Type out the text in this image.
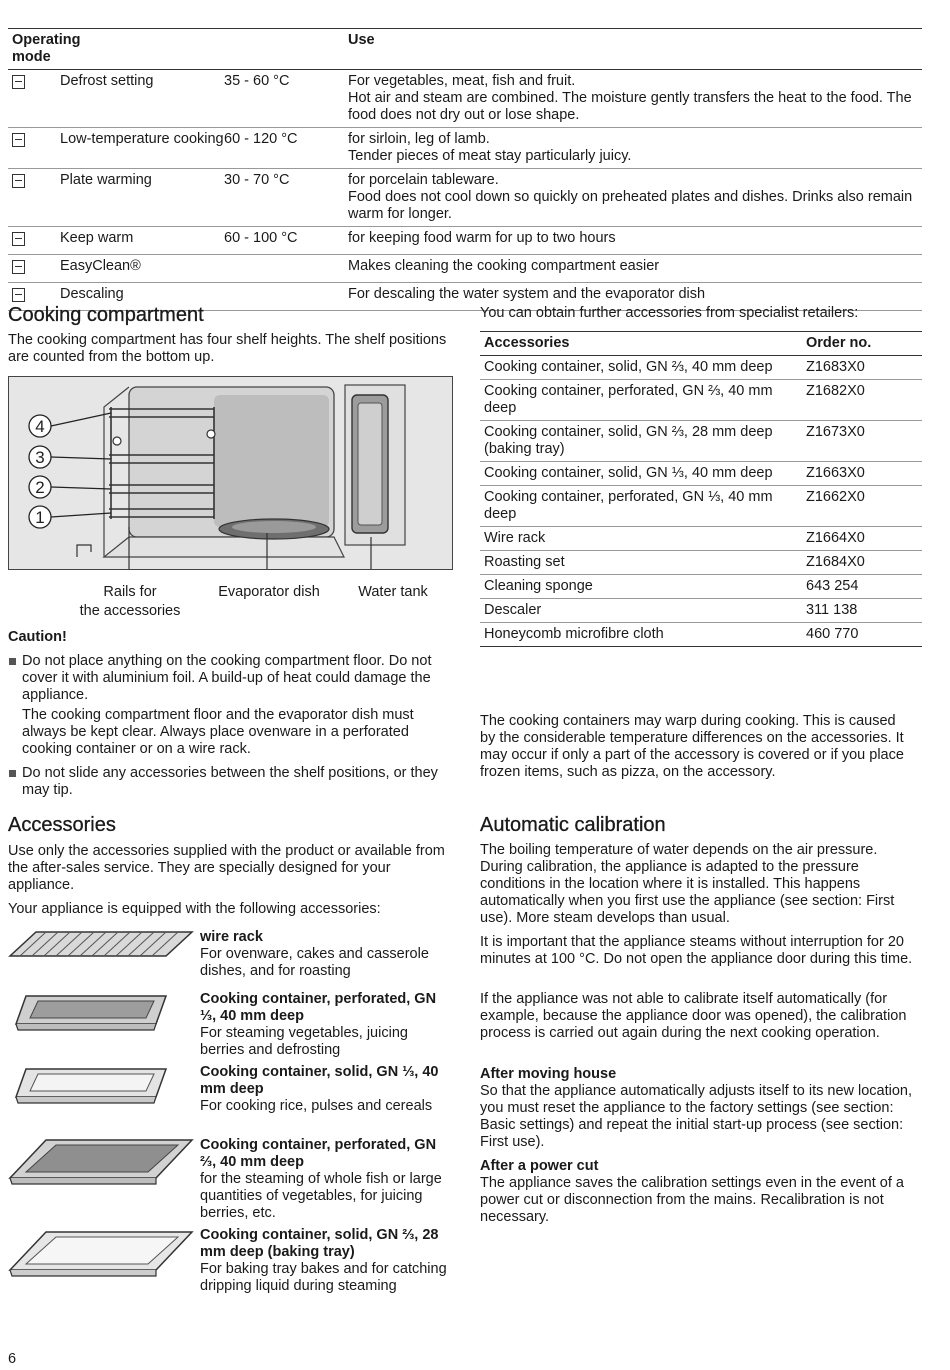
Operating mode
Use
Defrost setting	35 - 60 °C	For vegetables, meat, fish and fruit.
Hot air and steam are combined. The moisture gently transfers the heat to the food. The food does not dry out or lose shape.
Low-temperature cooking 60 - 120 °C	for sirloin, leg of lamb.
Tender pieces of meat stay particularly juicy.
Plate warming	30 - 70 °C	for porcelain tableware.
Food does not cool down so quickly on preheated plates and dishes. Drinks also remain warm for longer.
Keep warm	60 - 100 °C	for keeping food warm for up to two hours
EasyClean®	Makes cleaning the cooking compartment easier
Descaling	For descaling the water system and the evaporator dish
Cooking compartment

The cooking compartment has four shelf heights. The shelf positions are counted from the bottom up.

4
3
2
1
Rails for
the accessories
Evaporator dish	Water tank

Caution!

Do not place anything on the cooking compartment floor. Do not cover it with aluminium foil. A build-up of heat could damage the appliance.

The cooking compartment floor and the evaporator dish must always be kept clear. Always place ovenware in a perforated cooking container or on a wire rack.

Do not slide any accessories between the shelf positions, or they may tip.
Accessories

Use only the accessories supplied with the product or available from the after-sales service. They are specially designed for your appliance.

Your appliance is equipped with the following accessories:

wire rack
For ovenware, cakes and casserole dishes, and for roasting
Cooking container, perforated, GN ⅓, 40 mm deep
For steaming vegetables, juicing berries and defrosting
Cooking container, solid, GN ⅓, 40 mm deep
For cooking rice, pulses and cereals
Cooking container, perforated, GN ⅔, 40 mm deep
for the steaming of whole fish or large quantities of vegetables, for juicing berries, etc.
Cooking container, solid, GN ⅔, 28 mm deep (baking tray)
For baking tray bakes and for catching dripping liquid during steaming

You can obtain further accessories from specialist retailers:

Accessories	Order no.
Cooking container, solid, GN ⅔, 40 mm deep	Z1683X0
Cooking container, perforated, GN ⅔, 40 mm deep
Z1682X0
Cooking container, solid, GN ⅔, 28 mm deep (baking tray)
Z1673X0
Cooking container, solid, GN ⅓, 40 mm deep	Z1663X0
Cooking container, perforated, GN ⅓, 40 mm deep
Z1662X0
Wire rack	Z1664X0
Roasting set	Z1684X0
Cleaning sponge	643 254
Descaler	311 138
Honeycomb microfibre cloth	460 770

The cooking containers may warp during cooking. This is caused by the considerable temperature differences on the accessories. It may occur if only a part of the accessory is covered or if you place frozen items, such as pizza, on the accessory.

Automatic calibration

The boiling temperature of water depends on the air pressure. During calibration, the appliance is adapted to the pressure conditions in the location where it is installed. This happens automatically when you first use the appliance (see section: First use). More steam develops than usual.

It is important that the appliance steams without interruption for 20 minutes at 100 °C. Do not open the appliance door during this time.

If the appliance was not able to calibrate itself automatically (for example, because the appliance door was opened), the calibration process is carried out again during the next cooking operation.

After moving house

So that the appliance automatically adjusts itself to its new location, you must reset the appliance to the factory settings (see section: Basic settings) and repeat the initial start-up process (see section: First use).

After a power cut

The appliance saves the calibration settings even in the event of a power cut or disconnection from the mains. Recalibration is not necessary.

6
